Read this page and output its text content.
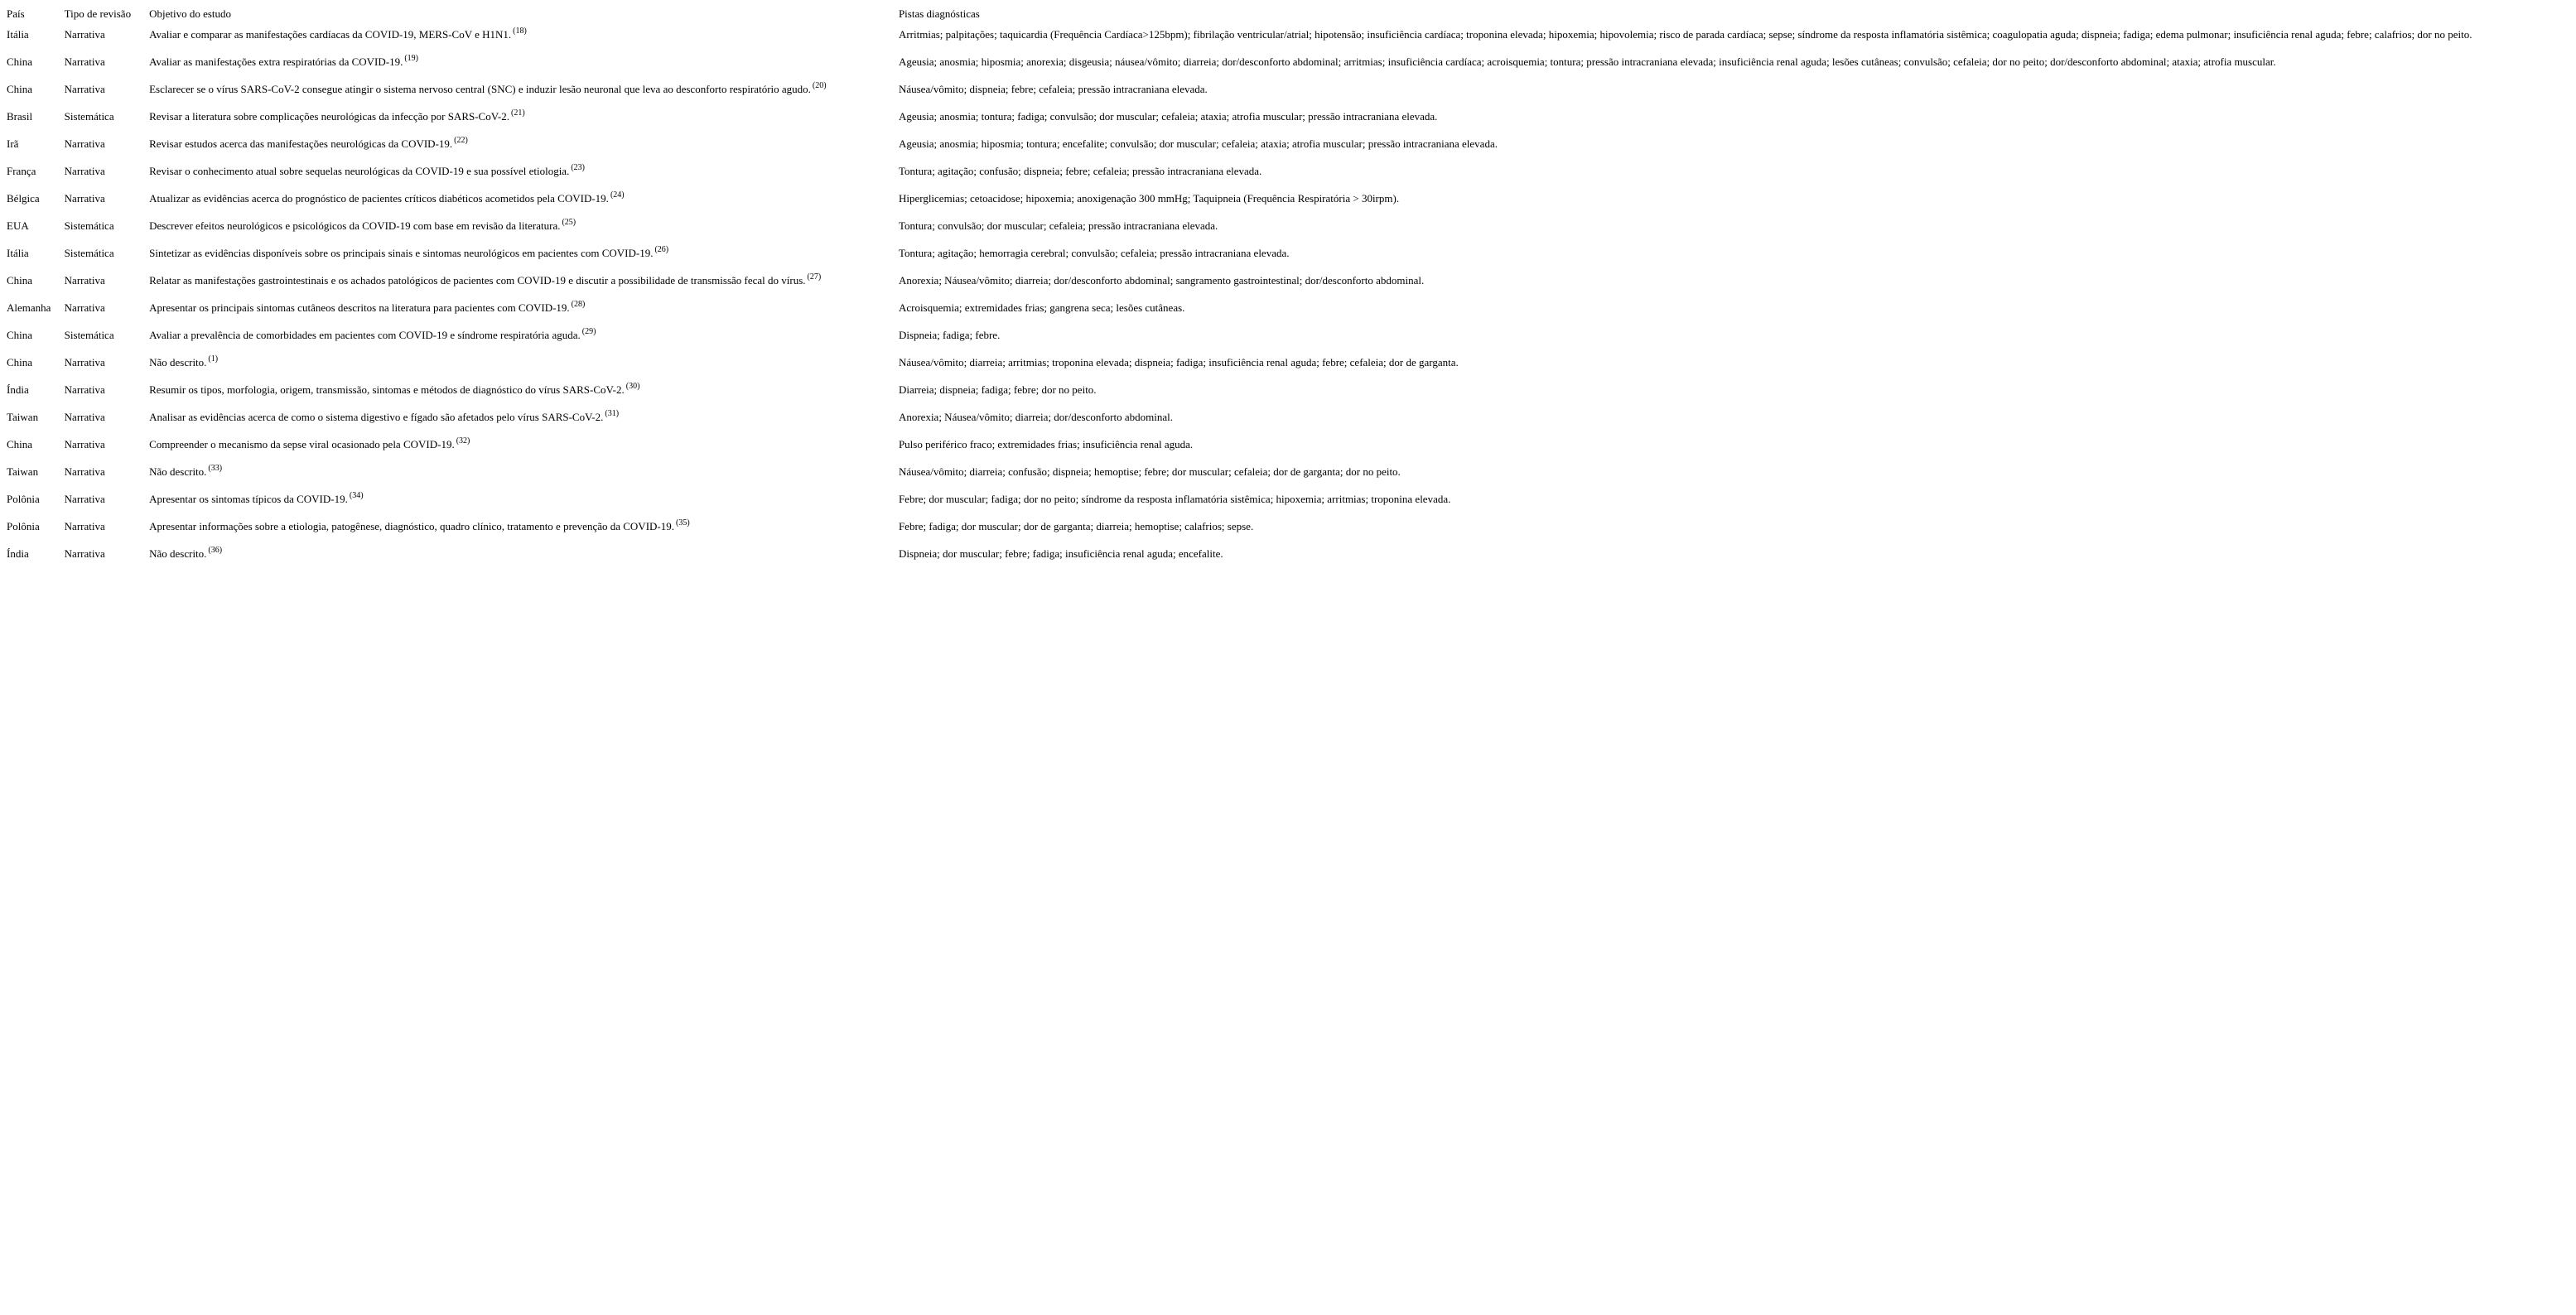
País	Tipo de revisão	Objetivo do estudo	Pistas diagnósticas
Itália	Narrativa	Avaliar e comparar as manifestações cardíacas da COVID-19, MERS-CoV e H1N1. $^{(18)}$	Arritmias; palpitações; taquicardia (Frequência Cardíaca>125bpm); fibrilação ventricular/atrial; hipotensão; insuficiência cardíaca; troponina elevada; hipoxemia; hipovolemia; risco de parada cardíaca; sepse; síndrome da resposta inflamatória sistêmica; coagulopatia aguda; dispneia; fadiga; edema pulmonar; insuficiência renal aguda; febre; calafrios; dor no peito.
China	Narrativa	Avaliar as manifestações extra respiratórias da COVID-19. $^{(19)}$	Ageusia; anosmia; hiposmia; anorexia; disgeusia; náusea/vômito; diarreia; dor/desconforto abdominal; arritmias; insuficiência cardíaca; acroisquemia; tontura; pressão intracraniana elevada; insuficiência renal aguda; lesões cutâneas; convulsão; cefaleia; dor no peito; dor/desconforto abdominal; ataxia; atrofia muscular.
China	Narrativa	Esclarecer se o vírus SARS-CoV-2 consegue atingir o sistema nervoso central (SNC) e induzir lesão neuronal que leva ao desconforto respiratório agudo. $^{(20)}$	Náusea/vômito; dispneia; febre; cefaleia; pressão intracraniana elevada.
Brasil	Sistemática	Revisar a literatura sobre complicações neurológicas da infecção por SARS-CoV-2. $^{(21)}$	Ageusia; anosmia; tontura; fadiga; convulsão; dor muscular; cefaleia; ataxia; atrofia muscular; pressão intracraniana elevada.
Irã	Narrativa	Revisar estudos acerca das manifestações neurológicas da COVID-19. $^{(22)}$	Ageusia; anosmia; hiposmia; tontura; encefalite; convulsão; dor muscular; cefaleia; ataxia; atrofia muscular; pressão intracraniana elevada.
França	Narrativa	Revisar o conhecimento atual sobre sequelas neurológicas da COVID-19 e sua possível etiologia. $^{(23)}$	Tontura; agitação; confusão; dispneia; febre; cefaleia; pressão intracraniana elevada.
Bélgica	Narrativa	Atualizar as evidências acerca do prognóstico de pacientes críticos diabéticos acometidos pela COVID-19. $^{(24)}$	Hiperglicemias; cetoacidose; hipoxemia; anoxigenação 300 mmHg; Taquipneia (Frequência Respiratória > 30irpm).
EUA	Sistemática	Descrever efeitos neurológicos e psicológicos da COVID-19 com base em revisão da literatura. $^{(25)}$	Tontura; convulsão; dor muscular; cefaleia; pressão intracraniana elevada.
Itália	Sistemática	Sintetizar as evidências disponíveis sobre os principais sinais e sintomas neurológicos em pacientes com COVID-19. $^{(26)}$	Tontura; agitação; hemorragia cerebral; convulsão; cefaleia; pressão intracraniana elevada.
China	Narrativa	Relatar as manifestações gastrointestinais e os achados patológicos de pacientes com COVID-19 e discutir a possibilidade de transmissão fecal do vírus. $^{(27)}$	Anorexia; Náusea/vômito; diarreia; dor/desconforto abdominal; sangramento gastrointestinal; dor/desconforto abdominal.
Alemanha	Narrativa	Apresentar os principais sintomas cutâneos descritos na literatura para pacientes com COVID-19. $^{(28)}$	Acroisquemia; extremidades frias; gangrena seca; lesões cutâneas.
China	Sistemática	Avaliar a prevalência de comorbidades em pacientes com COVID-19 e síndrome respiratória aguda. $^{(29)}$	Dispneia; fadiga; febre.
China	Narrativa	Não descrito. $^{(1)}$	Náusea/vômito; diarreia; arritmias; troponina elevada; dispneia; fadiga; insuficiência renal aguda; febre; cefaleia; dor de garganta.
Índia	Narrativa	Resumir os tipos, morfologia, origem, transmissão, sintomas e métodos de diagnóstico do vírus SARS-CoV-2. $^{(30)}$	Diarreia; dispneia; fadiga; febre; dor no peito.
Taiwan	Narrativa	Analisar as evidências acerca de como o sistema digestivo e fígado são afetados pelo vírus SARS-CoV-2. $^{(31)}$	Anorexia; Náusea/vômito; diarreia; dor/desconforto abdominal.
China	Narrativa	Compreender o mecanismo da sepse viral ocasionado pela COVID-19. $^{(32)}$	Pulso periférico fraco; extremidades frias; insuficiência renal aguda.
Taiwan	Narrativa	Não descrito. $^{(33)}$	Náusea/vômito; diarreia; confusão; dispneia; hemoptise; febre; dor muscular; cefaleia; dor de garganta; dor no peito.
Polônia	Narrativa	Apresentar os sintomas típicos da COVID-19. $^{(34)}$	Febre; dor muscular; fadiga; dor no peito; síndrome da resposta inflamatória sistêmica; hipoxemia; arritmias; troponina elevada.
Polônia	Narrativa	Apresentar informações sobre a etiologia, patogênese, diagnóstico, quadro clínico, tratamento e prevenção da COVID-19. $^{(35)}$	Febre; fadiga; dor muscular; dor de garganta; diarreia; hemoptise; calafrios; sepse.
Índia	Narrativa	Não descrito. $^{(36)}$	Dispneia; dor muscular; febre; fadiga; insuficiência renal aguda; encefalite.
